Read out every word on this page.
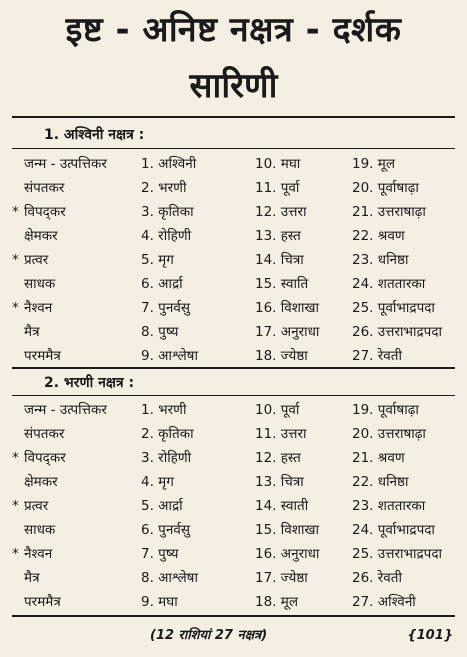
इष्ट - अनिष्ट नक्षत्र - दर्शक
सारिणी
1. अश्विनी नक्षत्र :
जन्म - उत्पत्तिकर	1. अश्विनी	10. मघा	19. मूल
संपतकर	2. भरणी	11. पूर्वा	20. पूर्वाषाढ़ा
* विपद्‌कर	3. कृतिका	12. उत्तरा	21. उत्तराषाढ़ा
क्षेमकर	4. रोहिणी	13. हस्त	22. श्रवण
* प्रत्वर	5. मृग	14. चित्रा	23. धनिष्ठा
साधक	6. आर्द्रा	15. स्वाति	24. शततारका
* नैश्वन	7. पुनर्वसु	16. विशाखा 25. पूर्वाभाद्रपदा
मैत्र	8. पुष्य	17. अनुराधा 26. उत्तराभाद्रपदा
परममैत्र	9. आश्लेषा	18. ज्येष्ठा	27. रेवती
2. भरणी नक्षत्र :
जन्म - उत्पत्तिकर	1. भरणी	10. पूर्वा	19. पूर्वाषाढ़ा
संपतकर	2. कृतिका	11. उत्तरा	20. उत्तराषाढ़ा
* विपद्‌कर	3. रोहिणी	12. हस्त	21. श्रवण
क्षेमकर	4. मृग	13. चित्रा	22. धनिष्ठा
* प्रत्वर	5. आर्द्रा	14. स्वाती	23. शततारका
साधक	6. पुनर्वसु	15. विशाखा 24. पूर्वाभाद्रपदा
* नैश्वन	7. पुष्य	16. अनुराधा 25. उत्तराभाद्रपदा
मैत्र	8. आश्लेषा	17. ज्येष्ठा	26. रेवती
परममैत्र	9. मघा	18. मूल	27. अश्विनी
(12 राशियां 27 नक्षत्र)	{101}
